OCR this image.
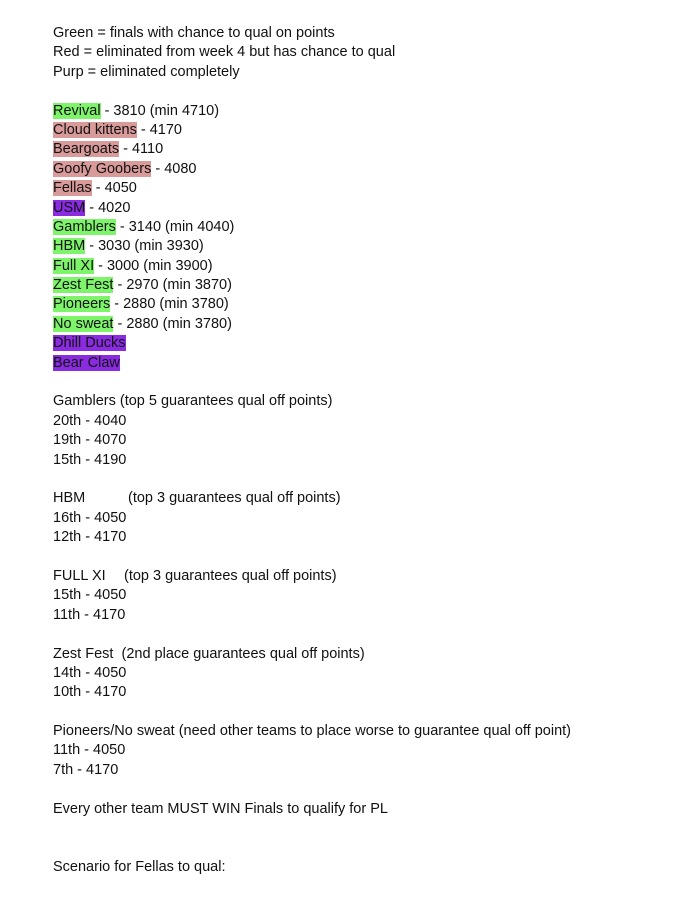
Green = finals with chance to qual on points
Red = eliminated from week 4 but has chance to qual
Purp = eliminated completely
Revival - 3810 (min 4710)
Cloud kittens - 4170
Beargoats - 4110
Goofy Goobers - 4080
Fellas - 4050
USM - 4020
Gamblers - 3140 (min 4040)
HBM - 3030 (min 3930)
Full XI - 3000 (min 3900)
Zest Fest - 2970 (min 3870)
Pioneers - 2880 (min 3780)
No sweat - 2880 (min 3780)
Dhill Ducks
Bear Claw
Gamblers (top 5 guarantees qual off points)
20th - 4040
19th - 4070
15th - 4190
HBM	(top 3 guarantees qual off points)
16th - 4050
12th - 4170
FULL XI (top 3 guarantees qual off points)
15th - 4050
11th - 4170
Zest Fest  (2nd place guarantees qual off points)
14th - 4050
10th - 4170
Pioneers/No sweat (need other teams to place worse to guarantee qual off point)
11th - 4050
7th - 4170
Every other team MUST WIN Finals to qualify for PL
Scenario for Fellas to qual:
